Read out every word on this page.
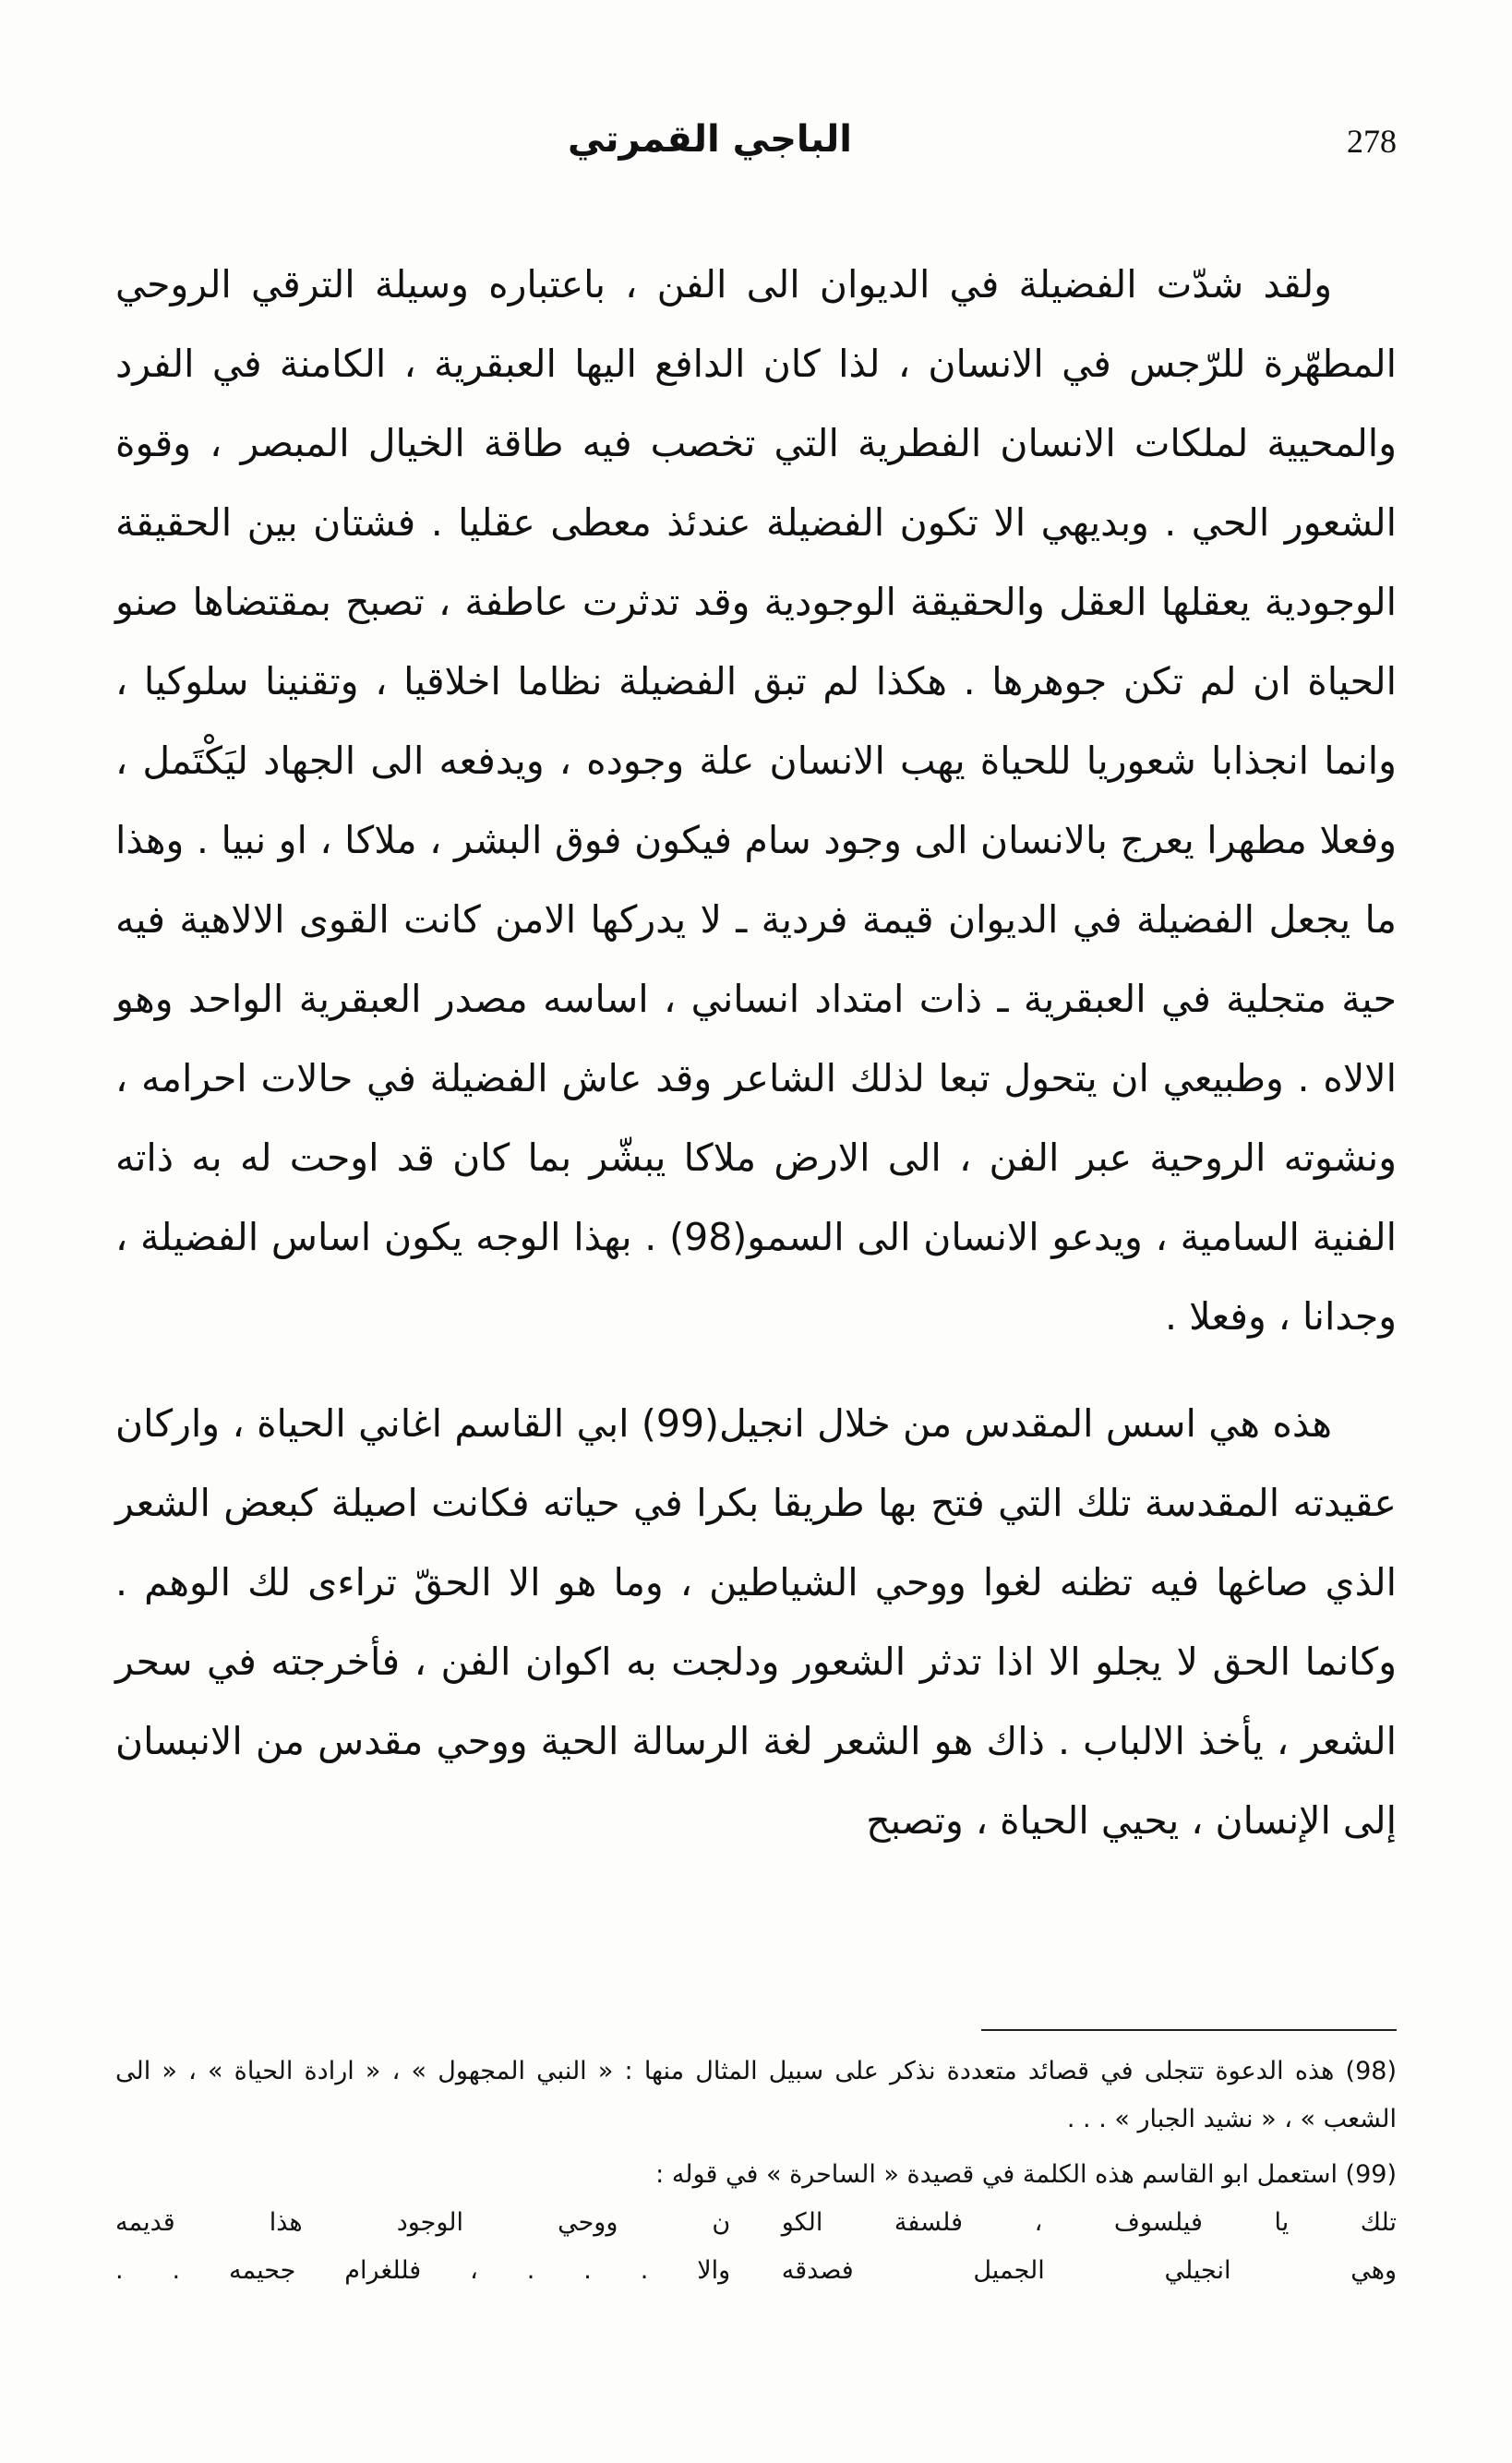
الباجي القمرتي	278

ولقد شدّت الفضيلة في الديوان الى الفن ، باعتباره وسيلة الترقي الروحي المطهّرة للرّجس في الانسان ، لذا كان الدافع اليها العبقرية ، الكامنة في الفرد والمحيية لملكات الانسان الفطرية التي تخصب فيه طاقة الخيال المبصر ، وقوة الشعور الحي . وبديهي الا تكون الفضيلة عندئذ معطى عقليا . فشتان بين الحقيقة الوجودية يعقلها العقل والحقيقة الوجودية وقد تدثرت عاطفة ، تصبح بمقتضاها صنو الحياة ان لم تكن جوهرها . هكذا لم تبق الفضيلة نظاما اخلاقيا ، وتقنينا سلوكيا ، وانما انجذابا شعوريا للحياة يهب الانسان علة وجوده ، ويدفعه الى الجهاد ليَكْتَمل ، وفعلا مطهرا يعرج بالانسان الى وجود سام فيكون فوق البشر ، ملاكا ، او نبيا . وهذا ما يجعل الفضيلة في الديوان قيمة فردية ـ لا يدركها الامن كانت القوى الالاهية فيه حية متجلية في العبقرية ـ ذات امتداد انساني ، اساسه مصدر العبقرية الواحد وهو الالاه . وطبيعي ان يتحول تبعا لذلك الشاعر وقد عاش الفضيلة في حالات احرامه ، ونشوته الروحية عبر الفن ، الى الارض ملاكا يبشّر بما كان قد اوحت له به ذاته الفنية السامية ، ويدعو الانسان الى السمو(98) . بهذا الوجه يكون اساس الفضيلة ، وجدانا ، وفعلا .

هذه هي اسس المقدس من خلال انجيل(99) ابي القاسم اغاني الحياة ، واركان عقيدته المقدسة تلك التي فتح بها طريقا بكرا في حياته فكانت اصيلة كبعض الشعر الذي صاغها فيه تظنه لغوا ووحي الشياطين ، وما هو الا الحقّ تراءى لك الوهم . وكانما الحق لا يجلو الا اذا تدثر الشعور ودلجت به اكوان الفن ، فأخرجته في سحر الشعر ، يأخذ الالباب . ذاك هو الشعر لغة الرسالة الحية ووحي مقدس من الانبسان إلى الإنسان ، يحيي الحياة ، وتصبح

(98) هذه الدعوة تتجلى في قصائد متعددة نذكر على سبيل المثال منها : « النبي المجهول » ، « ارادة الحياة » ، « الى الشعب » ، « نشيد الجبار » . . .

(99) استعمل ابو القاسم هذه الكلمة في قصيدة « الساحرة » في قوله :

تلك يا فيلسوف ، فلسفة الكو
ن ووحي الوجود هذا قديمه
وهي انجيلي الجميل فصدقه
والا . . . ، فللغرام جحيمه . .
